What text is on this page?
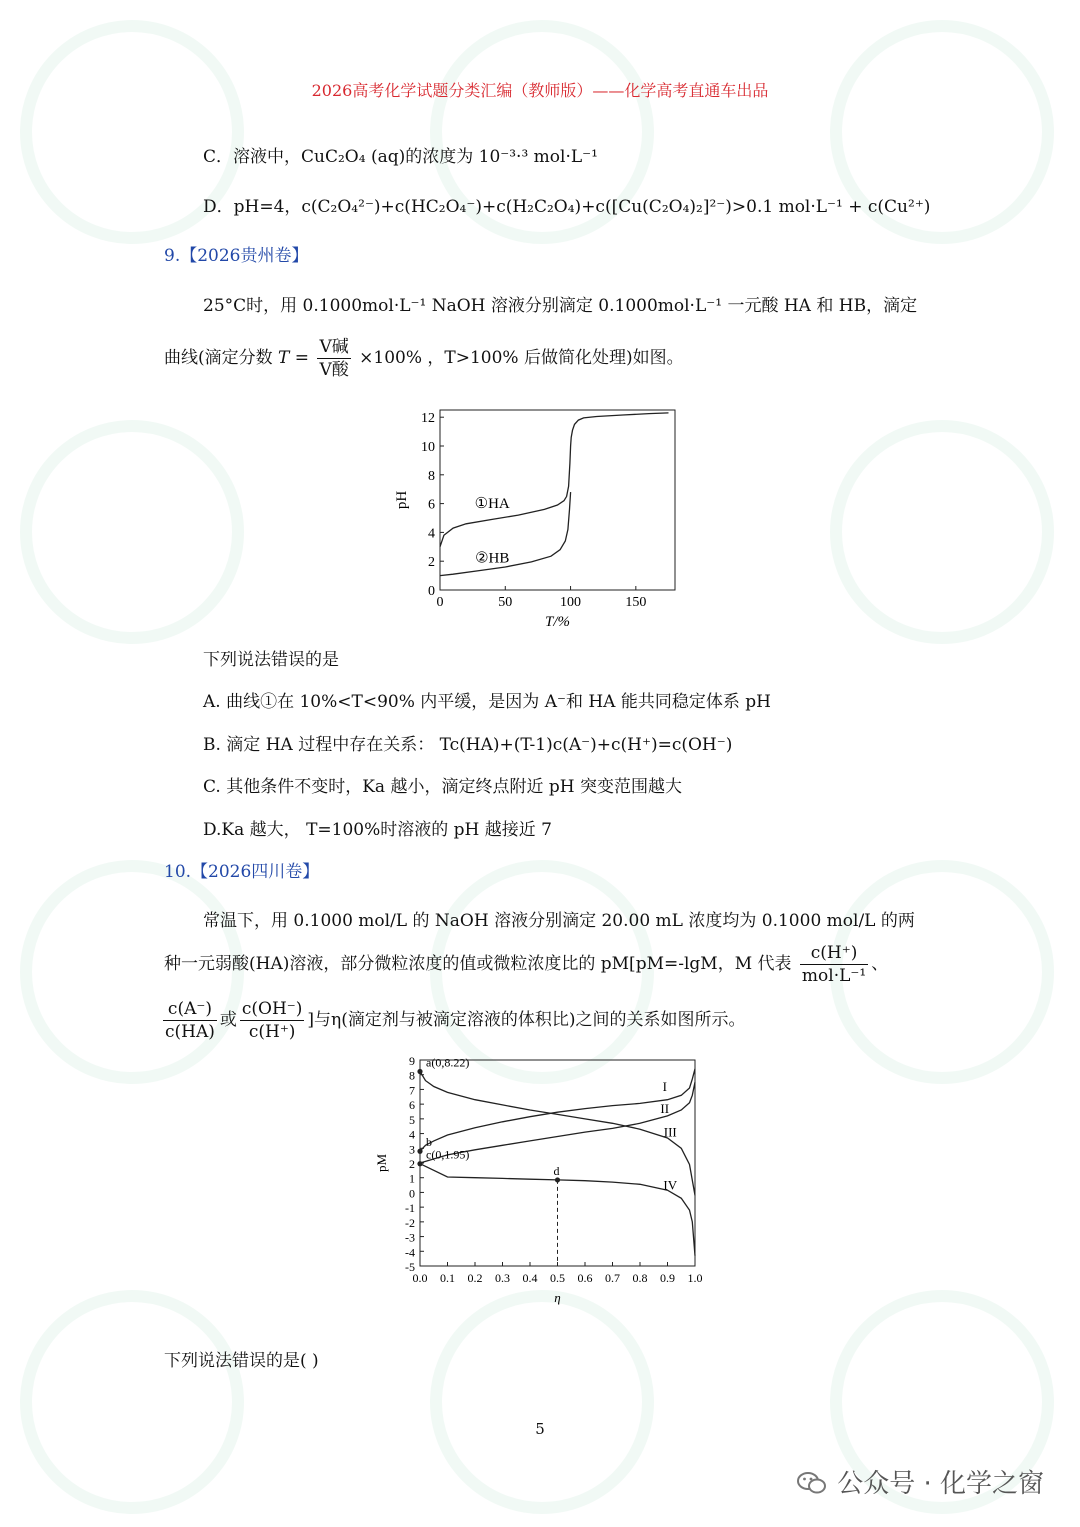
2026高考化学试题分类汇编（教师版）——化学高考直通车出品
C．溶液中，CuC₂O₄ (aq)的浓度为 10⁻³·³ mol·L⁻¹
D．pH=4，c(C₂O₄²⁻)+c(HC₂O₄⁻)+c(H₂C₂O₄)+c([Cu(C₂O₄)₂]²⁻)>0.1 mol·L⁻¹ + c(Cu²⁺)
9.【2026贵州卷】
25°C时，用 0.1000mol·L⁻¹ NaOH 溶液分别滴定 0.1000mol·L⁻¹ 一元酸 HA 和 HB，滴定
曲线(滴定分数 $T = \frac{\text{V碱}}{\text{V酸}} \times 100\%$ ，T>100% 后做简化处理)如图。
0	50	100	150
0
2
4
6
8
10
12
T/%
pH	①HA
②HB
下列说法错误的是
A. 曲线①在 10%<T<90% 内平缓，是因为 A⁻和 HA 能共同稳定体系 pH
B. 滴定 HA 过程中存在关系： Tc(HA)+(T-1)c(A⁻)+c(H⁺)=c(OH⁻)
C. 其他条件不变时，Ka 越小，滴定终点附近 pH 突变范围越大
D.Ka 越大， T=100%时溶液的 pH 越接近 7
10.【2026四川卷】
常温下，用 0.1000 mol/L 的 NaOH 溶液分别滴定 20.00 mL 浓度均为 0.1000 mol/L 的两
种一元弱酸(HA)溶液，部分微粒浓度的值或微粒浓度比的 pM[pM=-lgM，M 代表 $\frac{c(H^+)}{\text{mol·L⁻¹}}$ 、
$\frac{c(A^-)}{c(HA)}$ 或 $\frac{c(OH^-)}{c(H^+)}$ ]与η(滴定剂与被滴定溶液的体积比)之间的关系如图所示。
0.0 0.1 0.2 0.3 0.4 0.5 0.6 0.7 0.8 0.9 1.0
9
8
7
6
5
4
3
2
1
0
-1
-2
-3
-4
-5
η
pM
I
II
III
IV
a(0,8.22)
b
c(0,1.95)
d
下列说法错误的是( )
5
公众号 · 化学之窗
